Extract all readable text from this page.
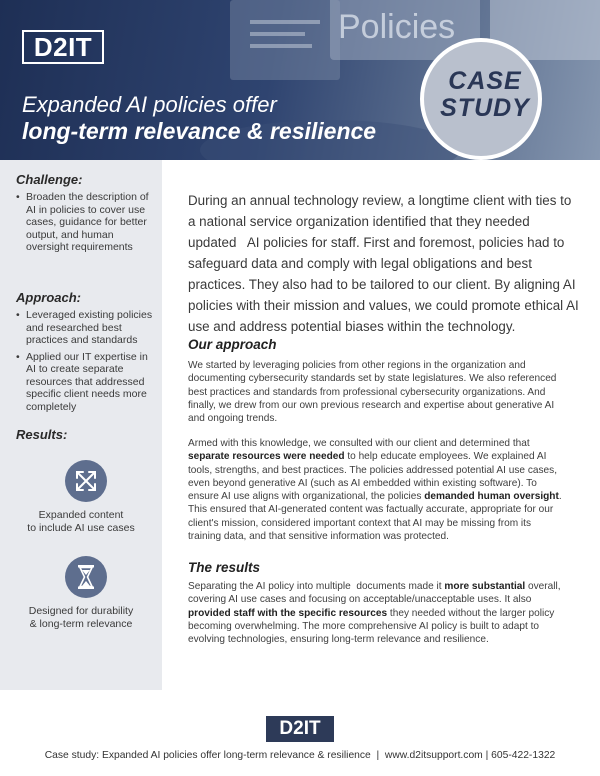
Policies
D2IT
Expanded AI policies offer
long-term relevance & resilience
CASE
STUDY
Challenge:
• Broaden the description of AI in policies to cover use cases, guidance for better output, and human oversight requirements
Approach:
• Leveraged existing policies and researched best practices and standards
• Applied our IT expertise in AI to create separate resources that addressed specific client needs more completely
Results:
Expanded content
to include AI use cases
Designed for durability
& long-term relevance
During an annual technology review, a longtime client with ties to
a national service organization identified that they needed
updated   AI policies for staff. First and foremost, policies had to
safeguard data and comply with legal obligations and best
practices. They also had to be tailored to our client. By aligning AI
policies with their mission and values, we could promote ethical AI
use and address potential biases within the technology.
Our approach
We started by leveraging policies from other regions in the organization and
documenting cybersecurity standards set by state legislatures. We also referenced
best practices and standards from professional cybersecurity organizations. And
finally, we drew from our own previous research and expertise about generative AI
and ongoing trends.
Armed with this knowledge, we consulted with our client and determined that
separate resources were needed to help educate employees. We explained AI
tools, strengths, and best practices. The policies addressed potential AI use cases,
even beyond generative AI (such as AI embedded within existing software). To
ensure AI use aligns with organizational, the policies demanded human oversight.
This ensured that AI-generated content was factually accurate, appropriate for our
client's mission, considered important context that AI may be missing from its
training data, and that sensitive information was protected.
The results
Separating the AI policy into multiple  documents made it more substantial overall,
covering AI use cases and focusing on acceptable/unacceptable uses. It also
provided staff with the specific resources they needed without the larger policy
becoming overwhelming. The more comprehensive AI policy is built to adapt to
evolving technologies, ensuring long-term relevance and resilience.
D2IT
Case study: Expanded AI policies offer long-term relevance & resilience  |  www.d2itsupport.com | 605-422-1322
